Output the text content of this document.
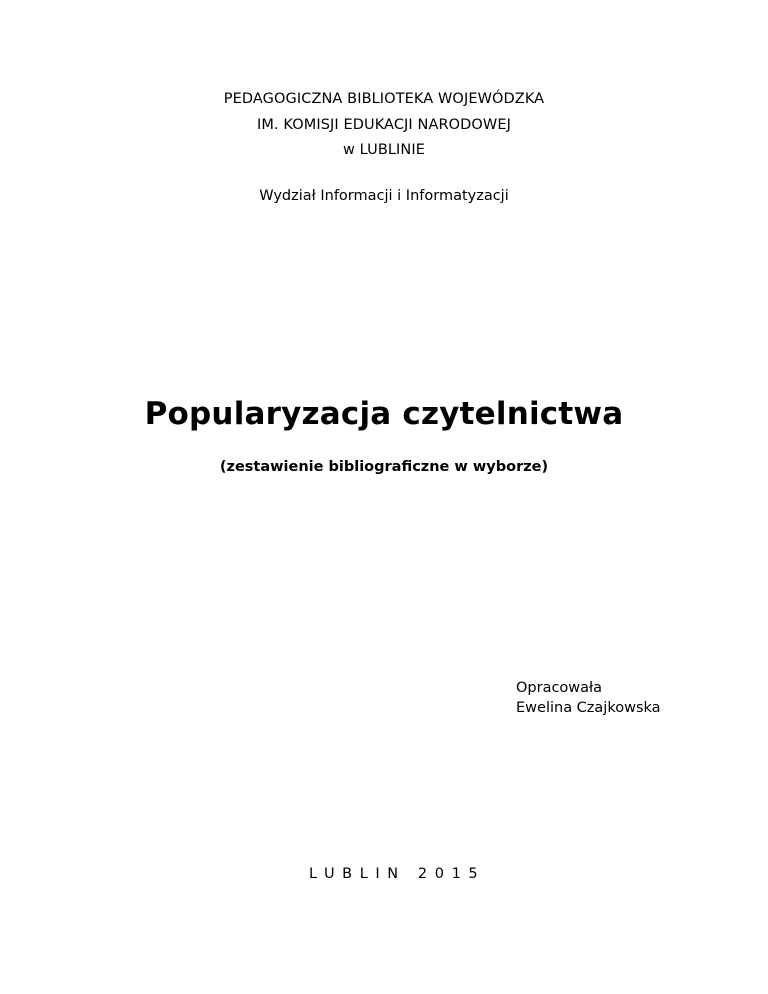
PEDAGOGICZNA BIBLIOTEKA WOJEWÓDZKA
IM. KOMISJI EDUKACJI NARODOWEJ
w LUBLINIE
Wydział Informacji i Informatyzacji
Popularyzacja czytelnictwa
(zestawienie bibliograficzne w wyborze)
Opracowała
Ewelina Czajkowska
LUBLIN 2015
